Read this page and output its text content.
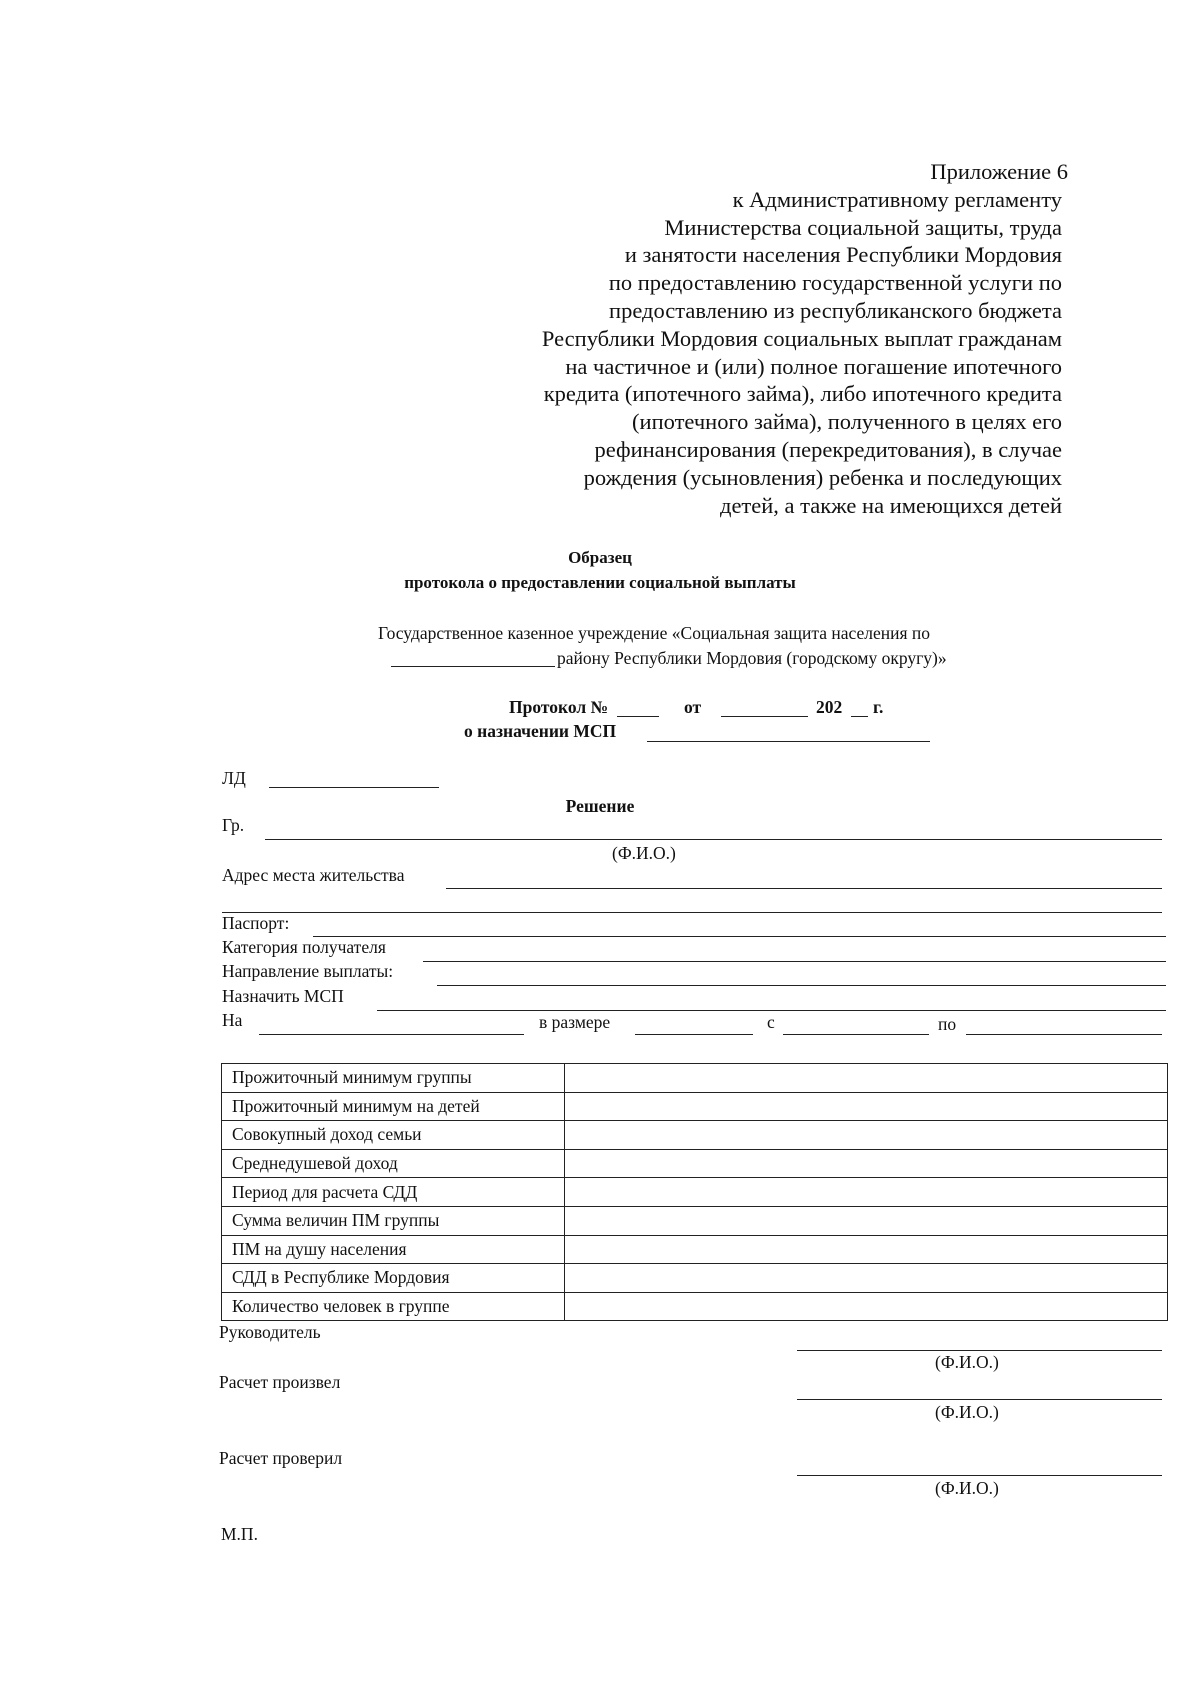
Приложение 6
к Административному регламенту
Министерства социальной защиты, труда
и занятости населения Республики Мордовия
по предоставлению государственной услуги по
предоставлению из республиканского бюджета
Республики Мордовия социальных выплат гражданам
на частичное и (или) полное погашение ипотечного
кредита (ипотечного займа), либо ипотечного кредита
(ипотечного займа), полученного в целях его
рефинансирования (перекредитования), в случае
рождения (усыновления) ребенка и последующих
детей, а также на имеющихся детей
Образец
протокола о предоставлении социальной выплаты
Государственное казенное учреждение «Социальная защита населения по
району Республики Мордовия (городскому округу)»
Протокол №	от	202 г.
о назначении МСП
ЛД
Решение
Гр.
(Ф.И.О.)
Адрес места жительства
Паспорт:
Категория получателя
Направление выплаты:
Назначить МСП
На	в размере	с	по
Прожиточный минимум группы	
Прожиточный минимум на детей	
Совокупный доход семьи	
Среднедушевой доход	
Период для расчета СДД	
Сумма величин ПМ группы	
ПМ на душу населения	
СДД в Республике Мордовия	
Количество человек в группе	
Руководитель
(Ф.И.О.)
Расчет произвел
(Ф.И.О.)
Расчет проверил
(Ф.И.О.)
М.П.
